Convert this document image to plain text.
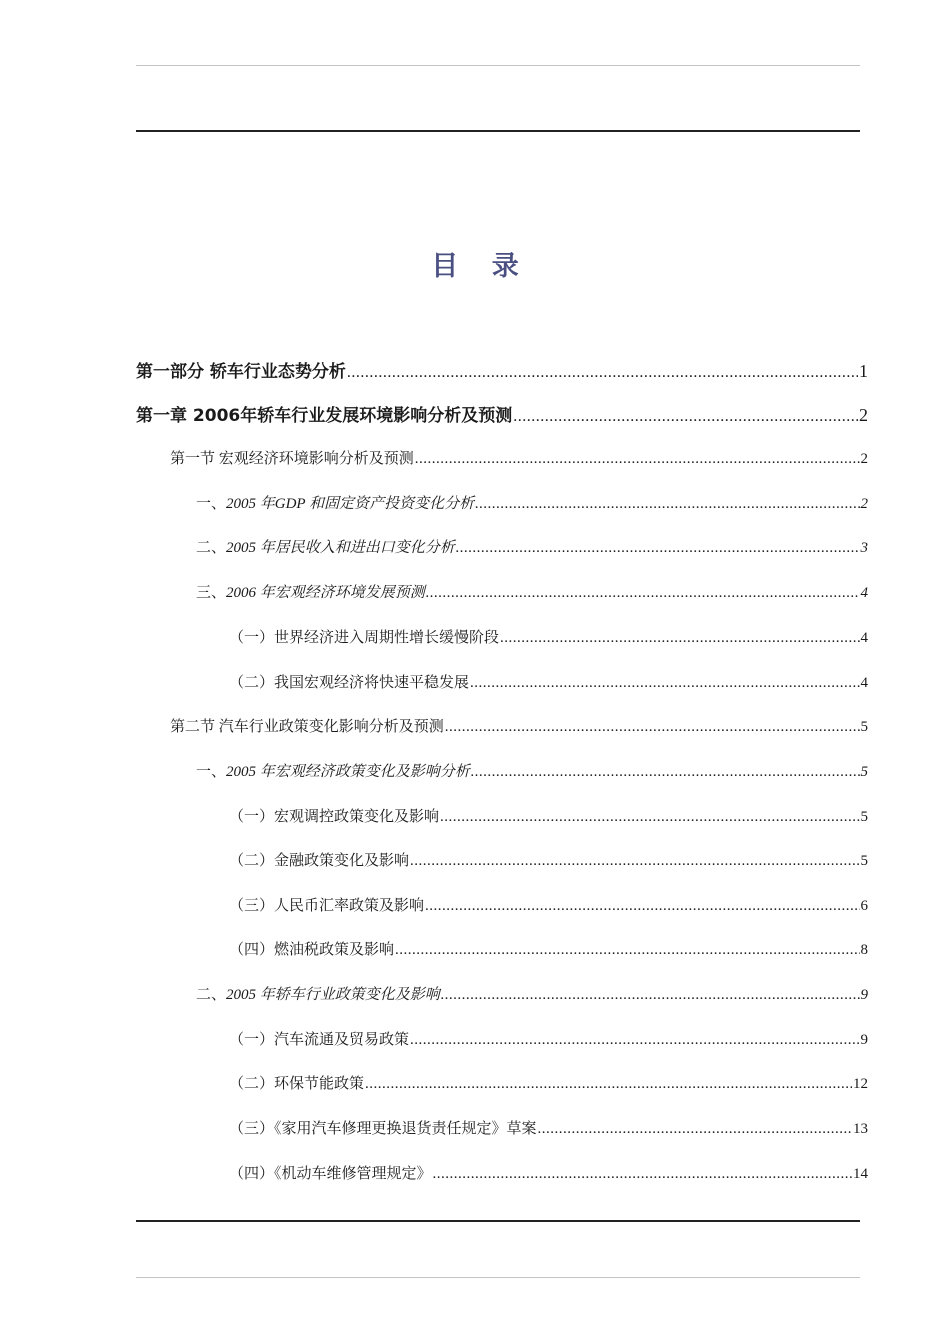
目 录
第一部分 轿车行业态势分析 .....	1
第一章 2006年轿车行业发展环境影响分析及预测 .....	2
第一节 宏观经济环境影响分析及预测 .....	2
一、2005 年GDP 和固定资产投资变化分析 .....	2
二、2005 年居民收入和进出口变化分析 .....	3
三、2006 年宏观经济环境发展预测 .....	4
（一）世界经济进入周期性增长缓慢阶段 .....	4
（二）我国宏观经济将快速平稳发展 .....	4
第二节 汽车行业政策变化影响分析及预测 .....	5
一、2005 年宏观经济政策变化及影响分析 .....	5
（一）宏观调控政策变化及影响 .....	5
（二）金融政策变化及影响 .....	5
（三）人民币汇率政策及影响 .....	6
（四）燃油税政策及影响 .....	8
二、2005 年轿车行业政策变化及影响 .....	9
（一）汽车流通及贸易政策 .....	9
（二）环保节能政策 .....	12
（三）《家用汽车修理更换退货责任规定》草案 .....	13
（四）《机动车维修管理规定》 .....	14
